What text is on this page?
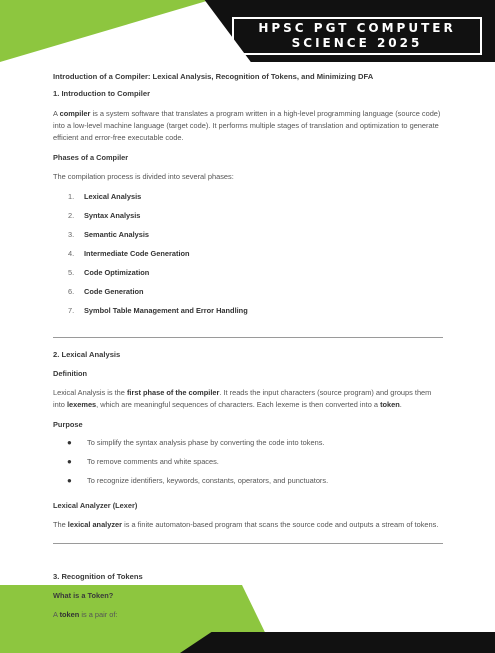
HPSC PGT COMPUTER
SCIENCE 2025
Introduction of a Compiler: Lexical Analysis, Recognition of Tokens, and Minimizing DFA
1. Introduction to Compiler

A compiler is a system software that translates a program written in a high-level programming language (source code) into a low-level machine language (target code). It performs multiple stages of translation and optimization to generate efficient and error-free executable code.

Phases of a Compiler

The compilation process is divided into several phases:

1.	Lexical Analysis
2.	Syntax Analysis
3.	Semantic Analysis
4.	Intermediate Code Generation
5.	Code Optimization
6.	Code Generation
7.	Symbol Table Management and Error Handling
2. Lexical Analysis
Definition

Lexical Analysis is the first phase of the compiler. It reads the input characters (source program) and groups them into lexemes, which are meaningful sequences of characters. Each lexeme is then converted into a token.

Purpose
●	To simplify the syntax analysis phase by converting the code into tokens.
●	To remove comments and white spaces.
●	To recognize identifiers, keywords, constants, operators, and punctuators.
Lexical Analyzer (Lexer)

The lexical analyzer is a finite automaton-based program that scans the source code and outputs a stream of tokens.

3. Recognition of Tokens
What is a Token?

A token is a pair of:
